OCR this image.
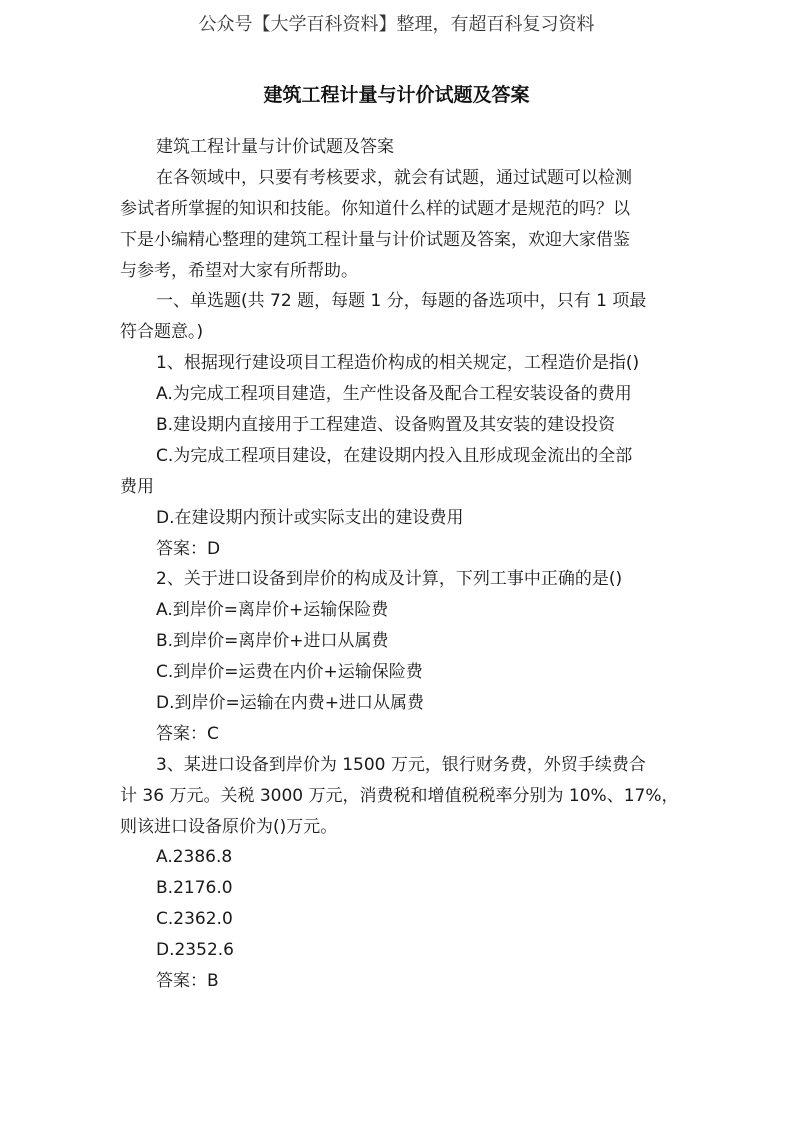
公众号【大学百科资料】整理，有超百科复习资料
建筑工程计量与计价试题及答案
建筑工程计量与计价试题及答案
在各领域中，只要有考核要求，就会有试题，通过试题可以检测
参试者所掌握的知识和技能。你知道什么样的试题才是规范的吗？以
下是小编精心整理的建筑工程计量与计价试题及答案，欢迎大家借鉴
与参考，希望对大家有所帮助。
一、单选题(共 72 题，每题 1 分，每题的备选项中，只有 1 项最
符合题意。)
1、根据现行建设项目工程造价构成的相关规定，工程造价是指()
A.为完成工程项目建造，生产性设备及配合工程安装设备的费用
B.建设期内直接用于工程建造、设备购置及其安装的建设投资
C.为完成工程项目建设，在建设期内投入且形成现金流出的全部
费用
D.在建设期内预计或实际支出的建设费用
答案：D
2、关于进口设备到岸价的构成及计算，下列工事中正确的是()
A.到岸价=离岸价+运输保险费
B.到岸价=离岸价+进口从属费
C.到岸价=运费在内价+运输保险费
D.到岸价=运输在内费+进口从属费
答案：C
3、某进口设备到岸价为 1500 万元，银行财务费，外贸手续费合
计 36 万元。关税 3000 万元，消费税和增值税税率分别为 10%、17%，
则该进口设备原价为()万元。
A.2386.8
B.2176.0
C.2362.0
D.2352.6
答案：B
